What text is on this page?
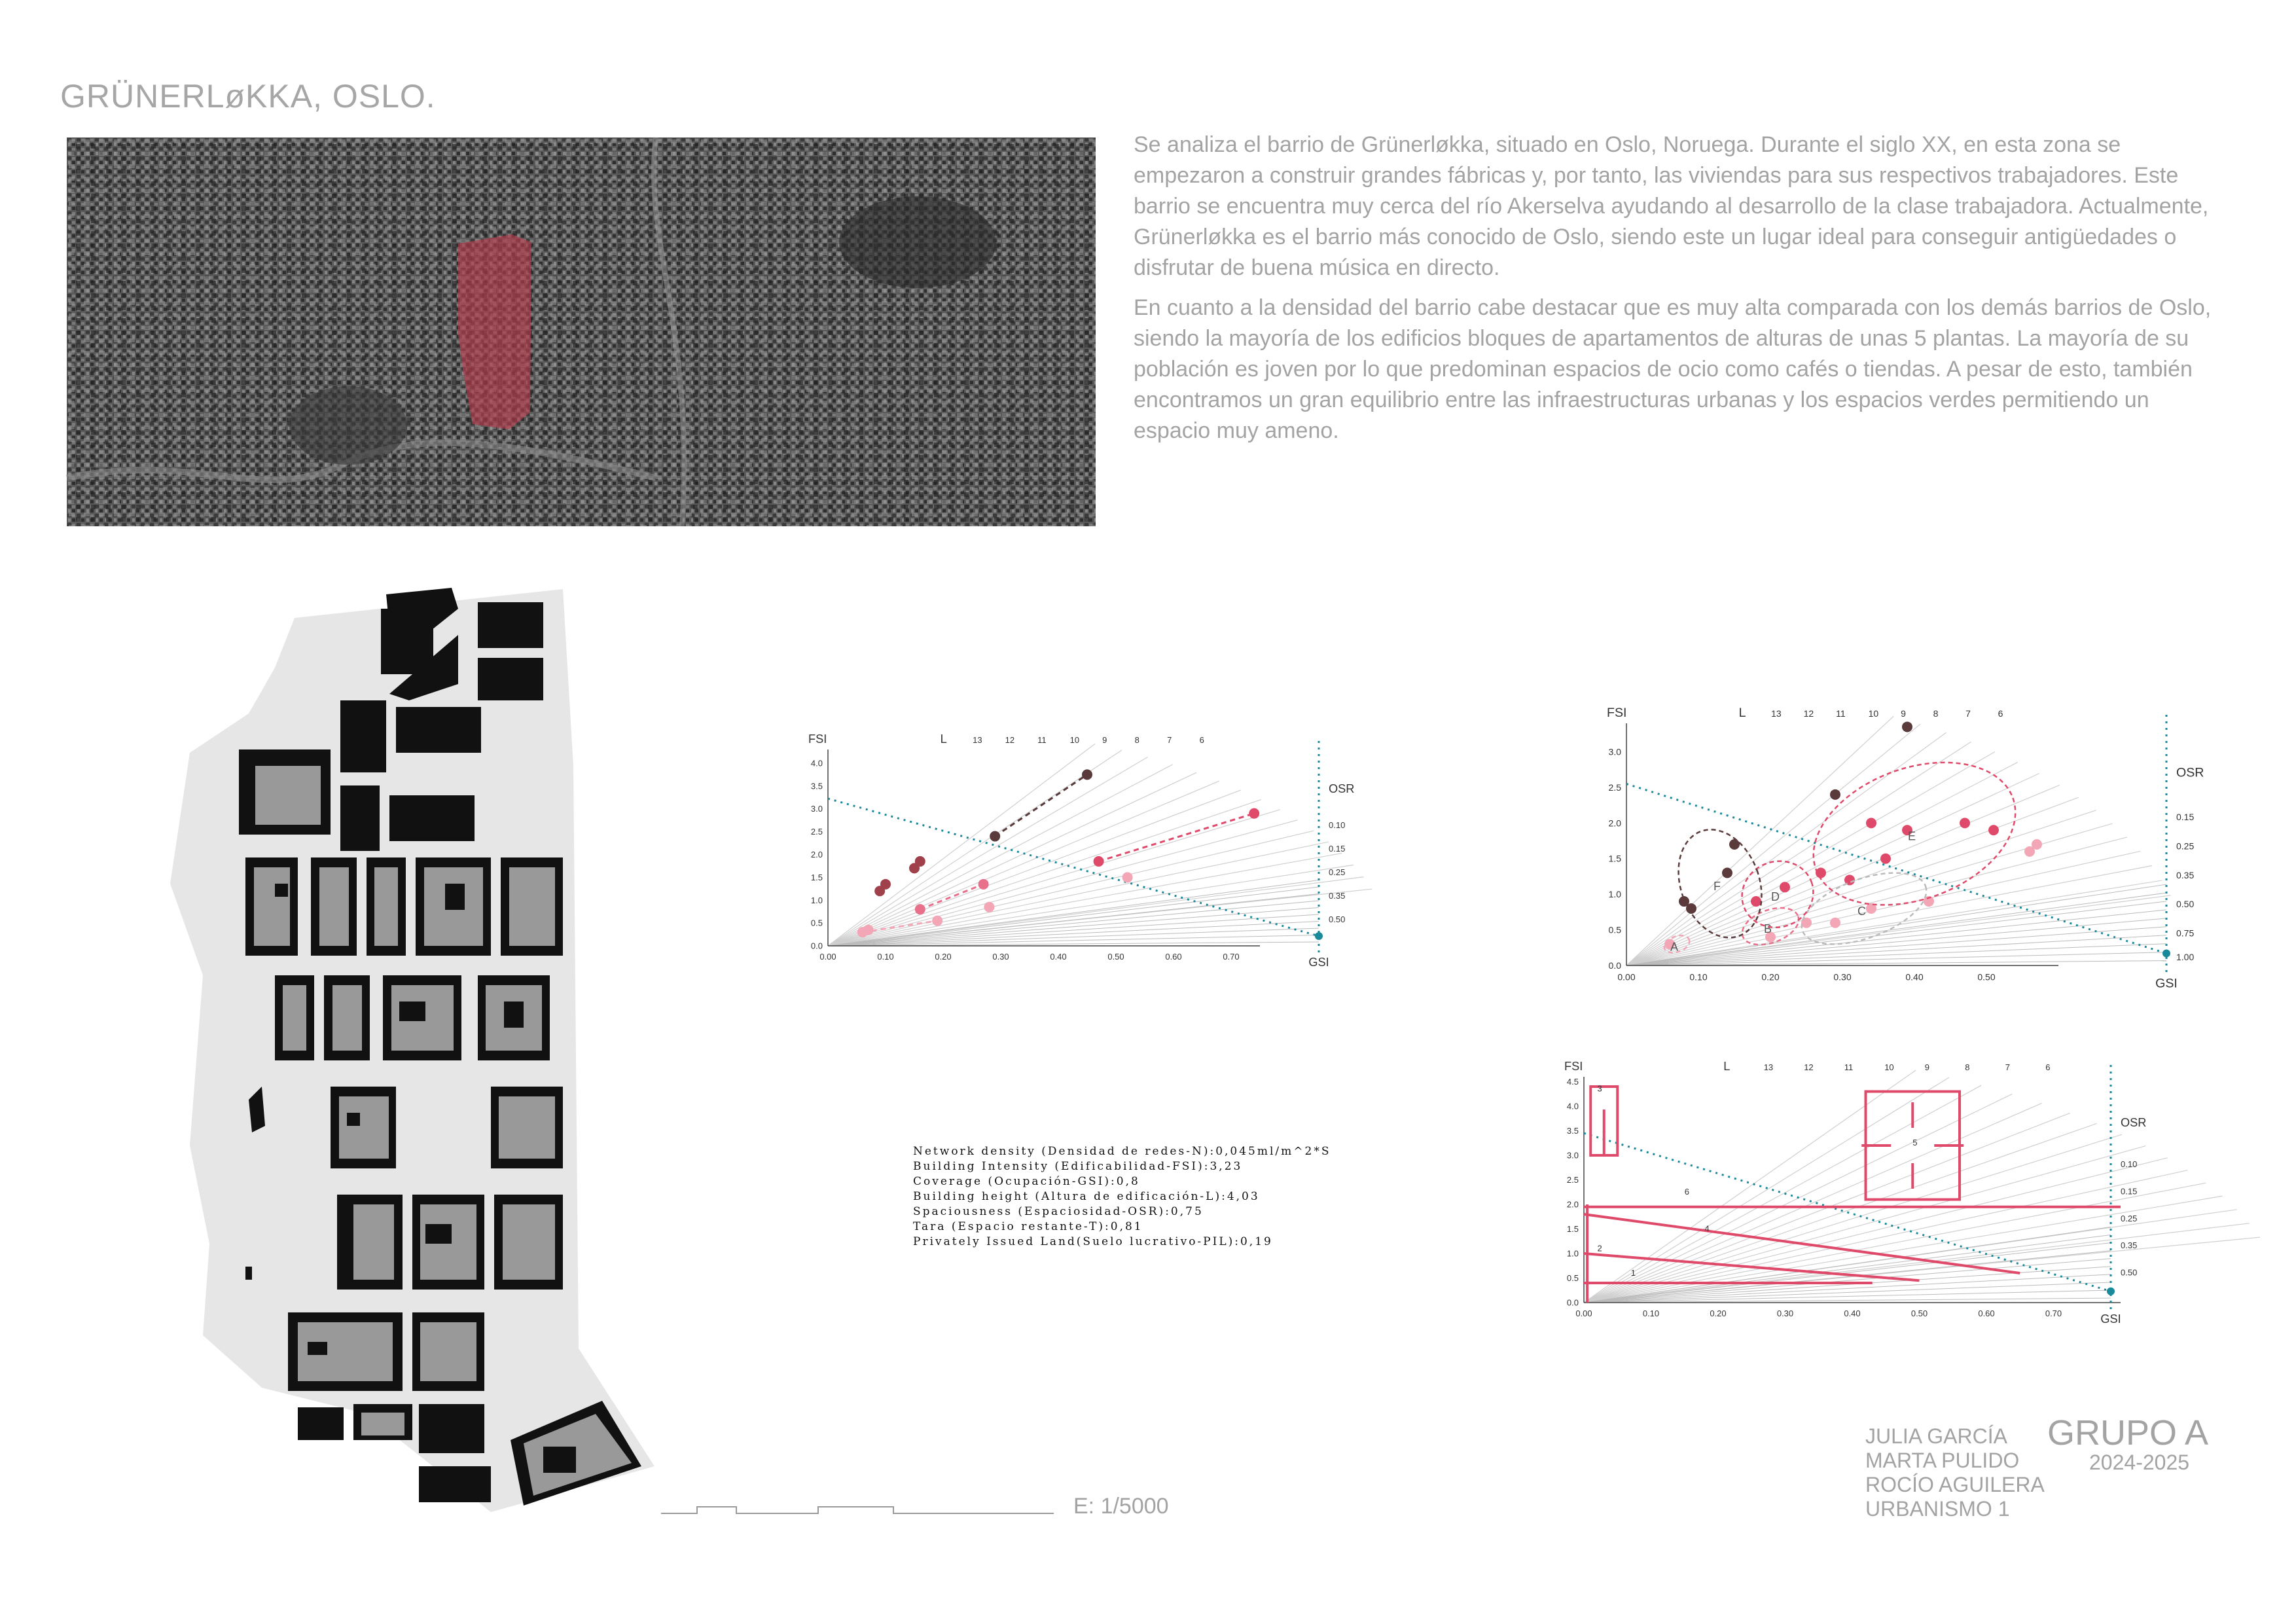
GRÜNERLøKKA, OSLO.

Se analiza el barrio de Grünerløkka, situado en Oslo, Noruega. Durante el siglo XX, en esta zona se empezaron a construir grandes fábricas y, por tanto, las viviendas para sus respectivos trabajadores. Este barrio se encuentra muy cerca del río Akerselva ayudando al desarrollo de la clase trabajadora. Actualmente, Grünerløkka es el barrio más conocido de Oslo, siendo este un lugar ideal para conseguir antigüedades o disfrutar de buena música en directo.

En cuanto a la densidad del barrio cabe destacar que es muy alta comparada con los demás barrios de Oslo, siendo la mayoría de los edificios bloques de apartamentos de alturas de unas 5 plantas. La mayoría de su población es joven por lo que predominan espacios de ocio como cafés o tiendas. A pesar de esto, también encontramos un gran equilibrio entre las infraestructuras urbanas y los espacios verdes permitiendo un espacio muy ameno.

E: 1/5000
0.00	0.10	0.20	0.30	0.40	0.50	0.60	0.70
0.0
0.5
1.0
1.5
2.0
2.5
3.0
3.5
4.0
FSI
GSI
OSR
0.10
0.15
0.25
0.35
0.50
L	13	12	11	10	9	8	7	6
0.00	0.10	0.20	0.30	0.40	0.50
0.0
0.5
1.0
1.5
2.0
2.5
3.0
FSI
GSI
OSR
0.15
0.25
0.35
0.50
0.75
1.00
L	13 12 11 10 9	8	7	6
A
B
C
D
E
F
0.00	0.10	0.20	0.30	0.40	0.50	0.60	0.70
0.0
0.5
1.0
1.5
2.0
2.5
3.0
3.5
4.0
4.5
FSI
GSI
OSR
0.10
0.15
0.25
0.35
0.50
L	13	12	11	10	9	8	7	6
1
2
3
4
5
6
Network density (Densidad de redes-N):0,045ml/m^2*S
Building Intensity (Edificabilidad-FSI):3,23
Coverage (Ocupación-GSI):0,8
Building height (Altura de edificación-L):4,03
Spaciousness (Espaciosidad-OSR):0,75
Tara (Espacio restante-T):0,81
Privately Issued Land(Suelo lucrativo-PIL):0,19
JULIA GARCÍA
MARTA PULIDO
ROCÍO AGUILERA
URBANISMO 1
GRUPO A
2024-2025
